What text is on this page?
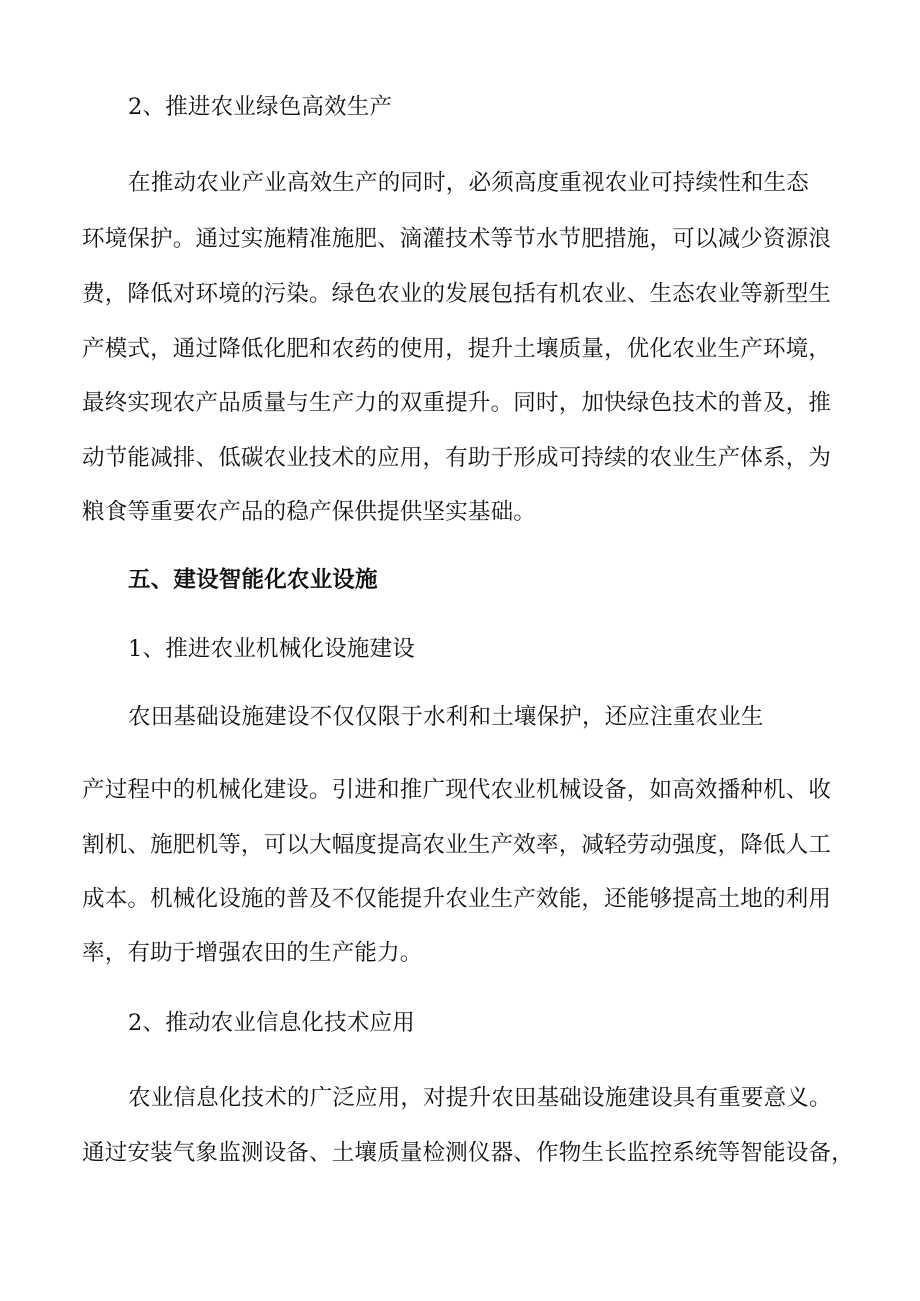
2、推进农业绿色高效生产
在推动农业产业高效生产的同时，必须高度重视农业可持续性和生态
环境保护。通过实施精准施肥、滴灌技术等节水节肥措施，可以减少资源浪
费，降低对环境的污染。绿色农业的发展包括有机农业、生态农业等新型生
产模式，通过降低化肥和农药的使用，提升土壤质量，优化农业生产环境，
最终实现农产品质量与生产力的双重提升。同时，加快绿色技术的普及，推
动节能减排、低碳农业技术的应用，有助于形成可持续的农业生产体系，为
粮食等重要农产品的稳产保供提供坚实基础。
五、建设智能化农业设施
1、推进农业机械化设施建设
农田基础设施建设不仅仅限于水利和土壤保护，还应注重农业生
产过程中的机械化建设。引进和推广现代农业机械设备，如高效播种机、收
割机、施肥机等，可以大幅度提高农业生产效率，减轻劳动强度，降低人工
成本。机械化设施的普及不仅能提升农业生产效能，还能够提高土地的利用
率，有助于增强农田的生产能力。
2、推动农业信息化技术应用
农业信息化技术的广泛应用，对提升农田基础设施建设具有重要意义。
通过安装气象监测设备、土壤质量检测仪器、作物生长监控系统等智能设备，
